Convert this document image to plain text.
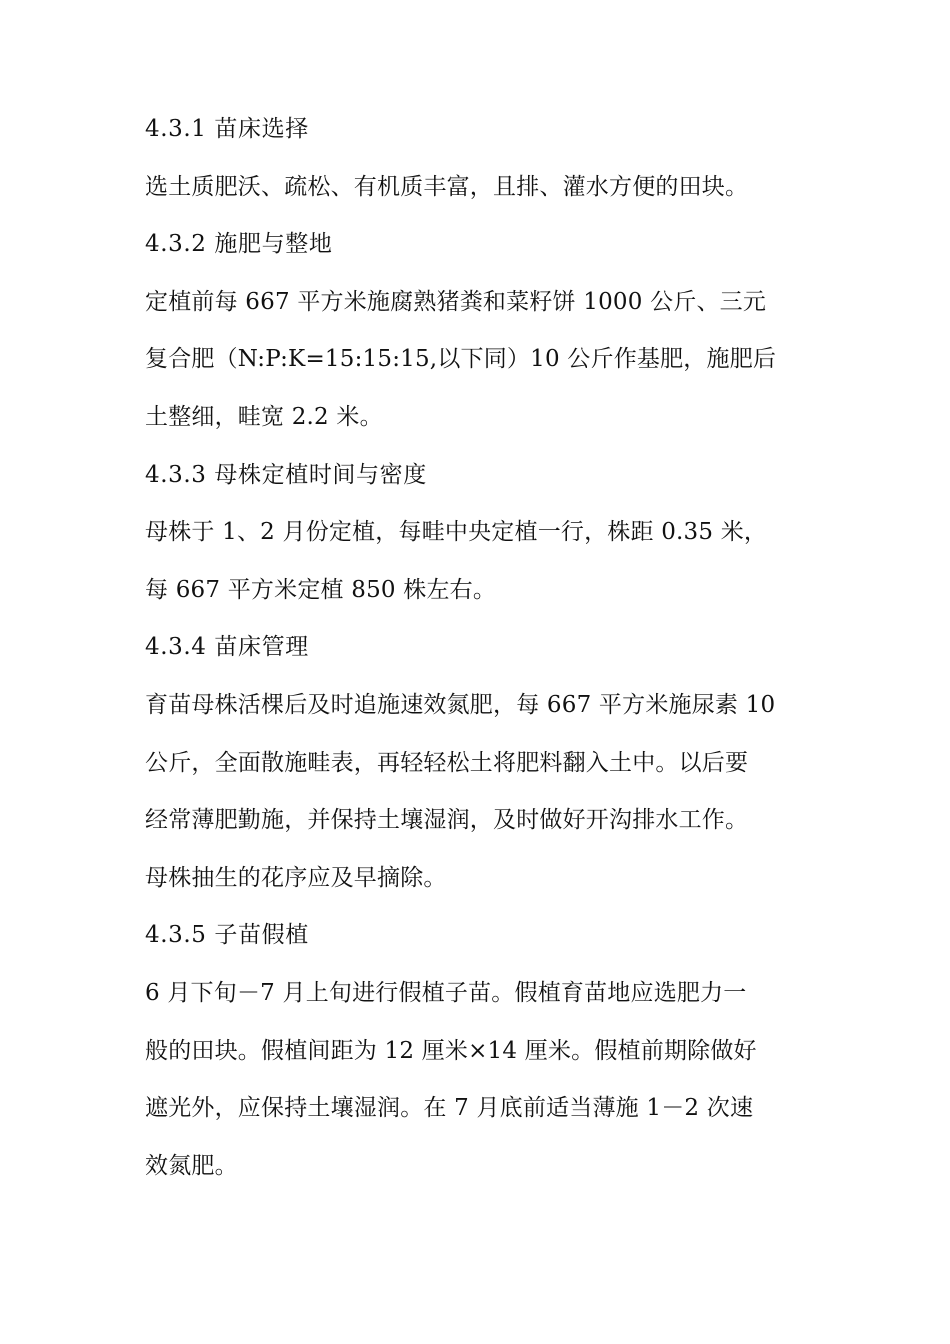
4.3.1 苗床选择
选土质肥沃、疏松、有机质丰富，且排、灌水方便的田块。
4.3.2 施肥与整地
定植前每 667 平方米施腐熟猪粪和菜籽饼 1000 公斤、三元
复合肥（N:P:K=15:15:15,以下同）10 公斤作基肥，施肥后
土整细，畦宽 2.2 米。
4.3.3 母株定植时间与密度
母株于 1、2 月份定植，每畦中央定植一行，株距 0.35 米，
每 667 平方米定植 850 株左右。
4.3.4 苗床管理
育苗母株活棵后及时追施速效氮肥，每 667 平方米施尿素 10
公斤，全面散施畦表，再轻轻松土将肥料翻入土中。以后要
经常薄肥勤施，并保持土壤湿润，及时做好开沟排水工作。
母株抽生的花序应及早摘除。
4.3.5 子苗假植
6 月下旬－7 月上旬进行假植子苗。假植育苗地应选肥力一
般的田块。假植间距为 12 厘米×14 厘米。假植前期除做好
遮光外，应保持土壤湿润。在 7 月底前适当薄施 1－2 次速
效氮肥。
